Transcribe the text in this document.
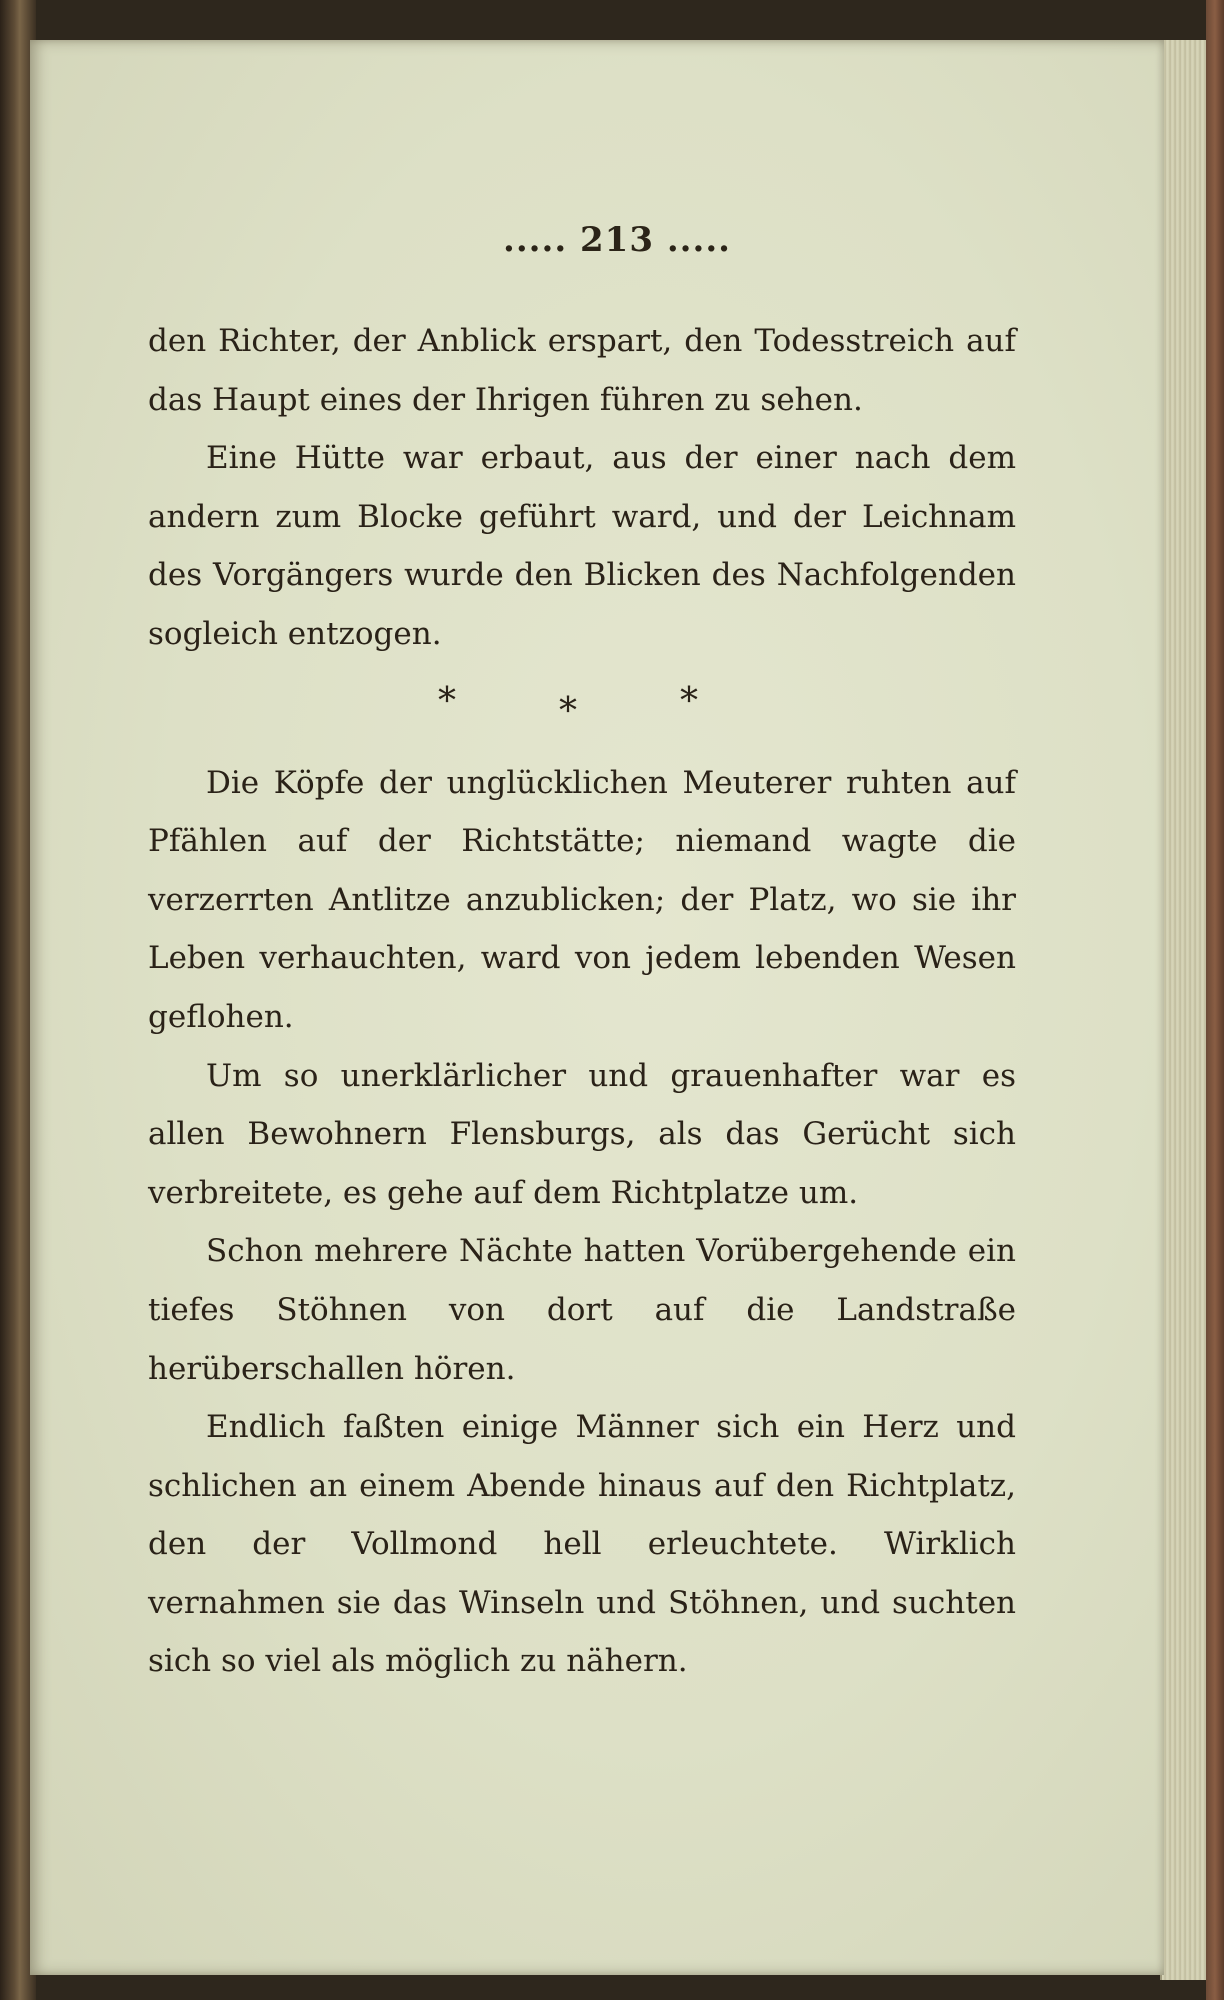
..... 213 .....

den Richter, der Anblick erspart, den Todesstreich auf das Haupt eines der Ihrigen führen zu sehen.

Eine Hütte war erbaut, aus der einer nach dem andern zum Blocke geführt ward, und der Leichnam des Vorgängers wurde den Blicken des Nachfolgenden sogleich entzogen.

*	*	*

Die Köpfe der unglücklichen Meuterer ruhten auf Pfählen auf der Richtstätte; niemand wagte die verzerrten Antlitze anzublicken; der Platz, wo sie ihr Leben verhauchten, ward von jedem lebenden Wesen geflohen.

Um so unerklärlicher und grauenhafter war es allen Bewohnern Flensburgs, als das Gerücht sich verbreitete, es gehe auf dem Richtplatze um.

Schon mehrere Nächte hatten Vorübergehende ein tiefes Stöhnen von dort auf die Landstraße herüberschallen hören.

Endlich faßten einige Männer sich ein Herz und schlichen an einem Abende hinaus auf den Richtplatz, den der Vollmond hell erleuchtete. Wirklich vernahmen sie das Winseln und Stöhnen, und suchten sich so viel als möglich zu nähern.
